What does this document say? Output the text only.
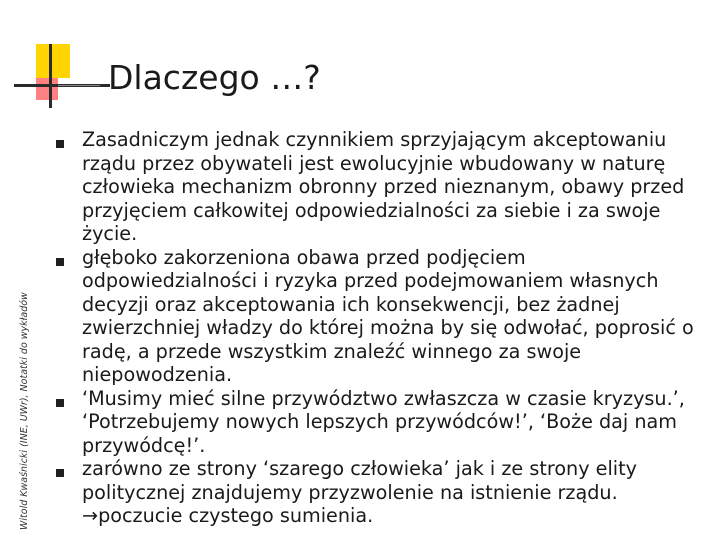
Dlaczego …?
Witold Kwaśnicki (INE, UWr), Notatki do wykładów
Zasadniczym jednak czynnikiem sprzyjającym akceptowaniu rządu przez obywateli jest ewolucyjnie wbudowany w naturę człowieka mechanizm obronny przed nieznanym, obawy przed przyjęciem całkowitej odpowiedzialności za siebie i za swoje życie.
głęboko zakorzeniona obawa przed podjęciem odpowiedzialności i ryzyka przed podejmowaniem własnych decyzji oraz akceptowania ich konsekwencji, bez żadnej zwierzchniej władzy do której można by się odwołać, poprosić o radę, a przede wszystkim znaleźć winnego za swoje niepowodzenia.
‘Musimy mieć silne przywództwo zwłaszcza w czasie kryzysu.’, ‘Potrzebujemy nowych lepszych przywódców!’, ‘Boże daj nam przywódcę!’.
zarówno ze strony ‘szarego człowieka’ jak i ze strony elity politycznej znajdujemy przyzwolenie na istnienie rządu. →poczucie czystego sumienia.
